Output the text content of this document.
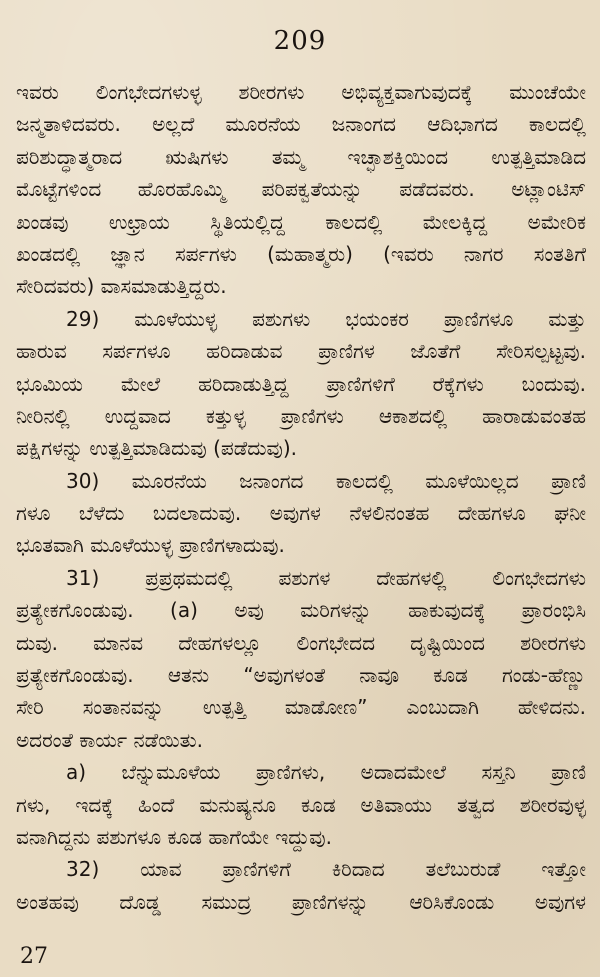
209
ಇವರು ಲಿಂಗಭೇದಗಳುಳ್ಳ ಶರೀರಗಳು ಅಭಿವ್ಯಕ್ತವಾಗುವುದಕ್ಕೆ ಮುಂಚೆಯೇ
ಜನ್ಮತಾಳಿದವರು. ಅಲ್ಲದೆ ಮೂರನೆಯ ಜನಾಂಗದ ಆದಿಭಾಗದ ಕಾಲದಲ್ಲಿ
ಪರಿಶುದ್ಧಾತ್ಮರಾದ ಋಷಿಗಳು ತಮ್ಮ ಇಚ್ಛಾಶಕ್ತಿಯಿಂದ ಉತ್ಪತ್ತಿಮಾಡಿದ
ಮೊಟ್ಟೆಗಳಿಂದ ಹೊರಹೊಮ್ಮಿ ಪರಿಪಕ್ವತೆಯನ್ನು ಪಡೆದವರು. ಅಟ್ಲಾಂಟಿಸ್
ಖಂಡವು ಉಛ್ರಾಯ ಸ್ಥಿತಿಯಲ್ಲಿದ್ದ ಕಾಲದಲ್ಲಿ ಮೇಲಕ್ಕಿದ್ದ ಅಮೇರಿಕ
ಖಂಡದಲ್ಲಿ ಜ್ಞಾನ ಸರ್ಪಗಳು (ಮಹಾತ್ಮರು) (ಇವರು ನಾಗರ ಸಂತತಿಗೆ
ಸೇರಿದವರು) ವಾಸಮಾಡುತ್ತಿದ್ದರು.
29) ಮೂಳೆಯುಳ್ಳ ಪಶುಗಳು ಭಯಂಕರ ಪ್ರಾಣಿಗಳೂ ಮತ್ತು
ಹಾರುವ ಸರ್ಪಗಳೂ ಹರಿದಾಡುವ ಪ್ರಾಣಿಗಳ ಜೊತೆಗೆ ಸೇರಿಸಲ್ಪಟ್ಟವು.
ಭೂಮಿಯ ಮೇಲೆ ಹರಿದಾಡುತ್ತಿದ್ದ ಪ್ರಾಣಿಗಳಿಗೆ ರೆಕ್ಕೆಗಳು ಬಂದುವು.
ನೀರಿನಲ್ಲಿ ಉದ್ದವಾದ ಕತ್ತುಳ್ಳ ಪ್ರಾಣಿಗಳು ಆಕಾಶದಲ್ಲಿ ಹಾರಾಡುವಂತಹ
ಪಕ್ಷಿಗಳನ್ನು ಉತ್ಪತ್ತಿಮಾಡಿದುವು (ಪಡೆದುವು).
30) ಮೂರನೆಯ ಜನಾಂಗದ ಕಾಲದಲ್ಲಿ ಮೂಳೆಯಿಲ್ಲದ ಪ್ರಾಣಿ
ಗಳೂ ಬೆಳೆದು ಬದಲಾದುವು. ಅವುಗಳ ನೆಳಲಿನಂತಹ ದೇಹಗಳೂ ಘನೀ
ಭೂತವಾಗಿ ಮೂಳೆಯುಳ್ಳ ಪ್ರಾಣಿಗಳಾದುವು.
31) ಪ್ರಪ್ರಥಮದಲ್ಲಿ ಪಶುಗಳ ದೇಹಗಳಲ್ಲಿ ಲಿಂಗಭೇದಗಳು
ಪ್ರತ್ಯೇಕಗೊಂಡುವು. (a) ಅವು ಮರಿಗಳನ್ನು ಹಾಕುವುದಕ್ಕೆ ಪ್ರಾರಂಭಿಸಿ
ದುವು. ಮಾನವ ದೇಹಗಳಲ್ಲೂ ಲಿಂಗಭೇದದ ದೃಷ್ಟಿಯಿಂದ ಶರೀರಗಳು
ಪ್ರತ್ಯೇಕಗೊಂಡುವು. ಆತನು “ಅವುಗಳಂತೆ ನಾವೂ ಕೂಡ ಗಂಡು-ಹೆಣ್ಣು
ಸೇರಿ ಸಂತಾನವನ್ನು ಉತ್ಪತ್ತಿ ಮಾಡೋಣ” ಎಂಬುದಾಗಿ ಹೇಳಿದನು.
ಅದರಂತೆ ಕಾರ್ಯ ನಡೆಯಿತು.
a) ಬೆನ್ನುಮೂಳೆಯ ಪ್ರಾಣಿಗಳು, ಅದಾದಮೇಲೆ ಸಸ್ತನಿ ಪ್ರಾಣಿ
ಗಳು, ಇದಕ್ಕೆ ಹಿಂದೆ ಮನುಷ್ಯನೂ ಕೂಡ ಅತಿವಾಯು ತತ್ವದ ಶರೀರವುಳ್ಳ
ವನಾಗಿದ್ದನು ಪಶುಗಳೂ ಕೂಡ ಹಾಗೆಯೇ ಇದ್ದುವು.
32) ಯಾವ ಪ್ರಾಣಿಗಳಿಗೆ ಕಿರಿದಾದ ತಲೆಬುರುಡೆ ಇತ್ತೋ
ಅಂತಹವು ದೊಡ್ಡ ಸಮುದ್ರ ಪ್ರಾಣಿಗಳನ್ನು ಆರಿಸಿಕೊಂಡು ಅವುಗಳ
27
